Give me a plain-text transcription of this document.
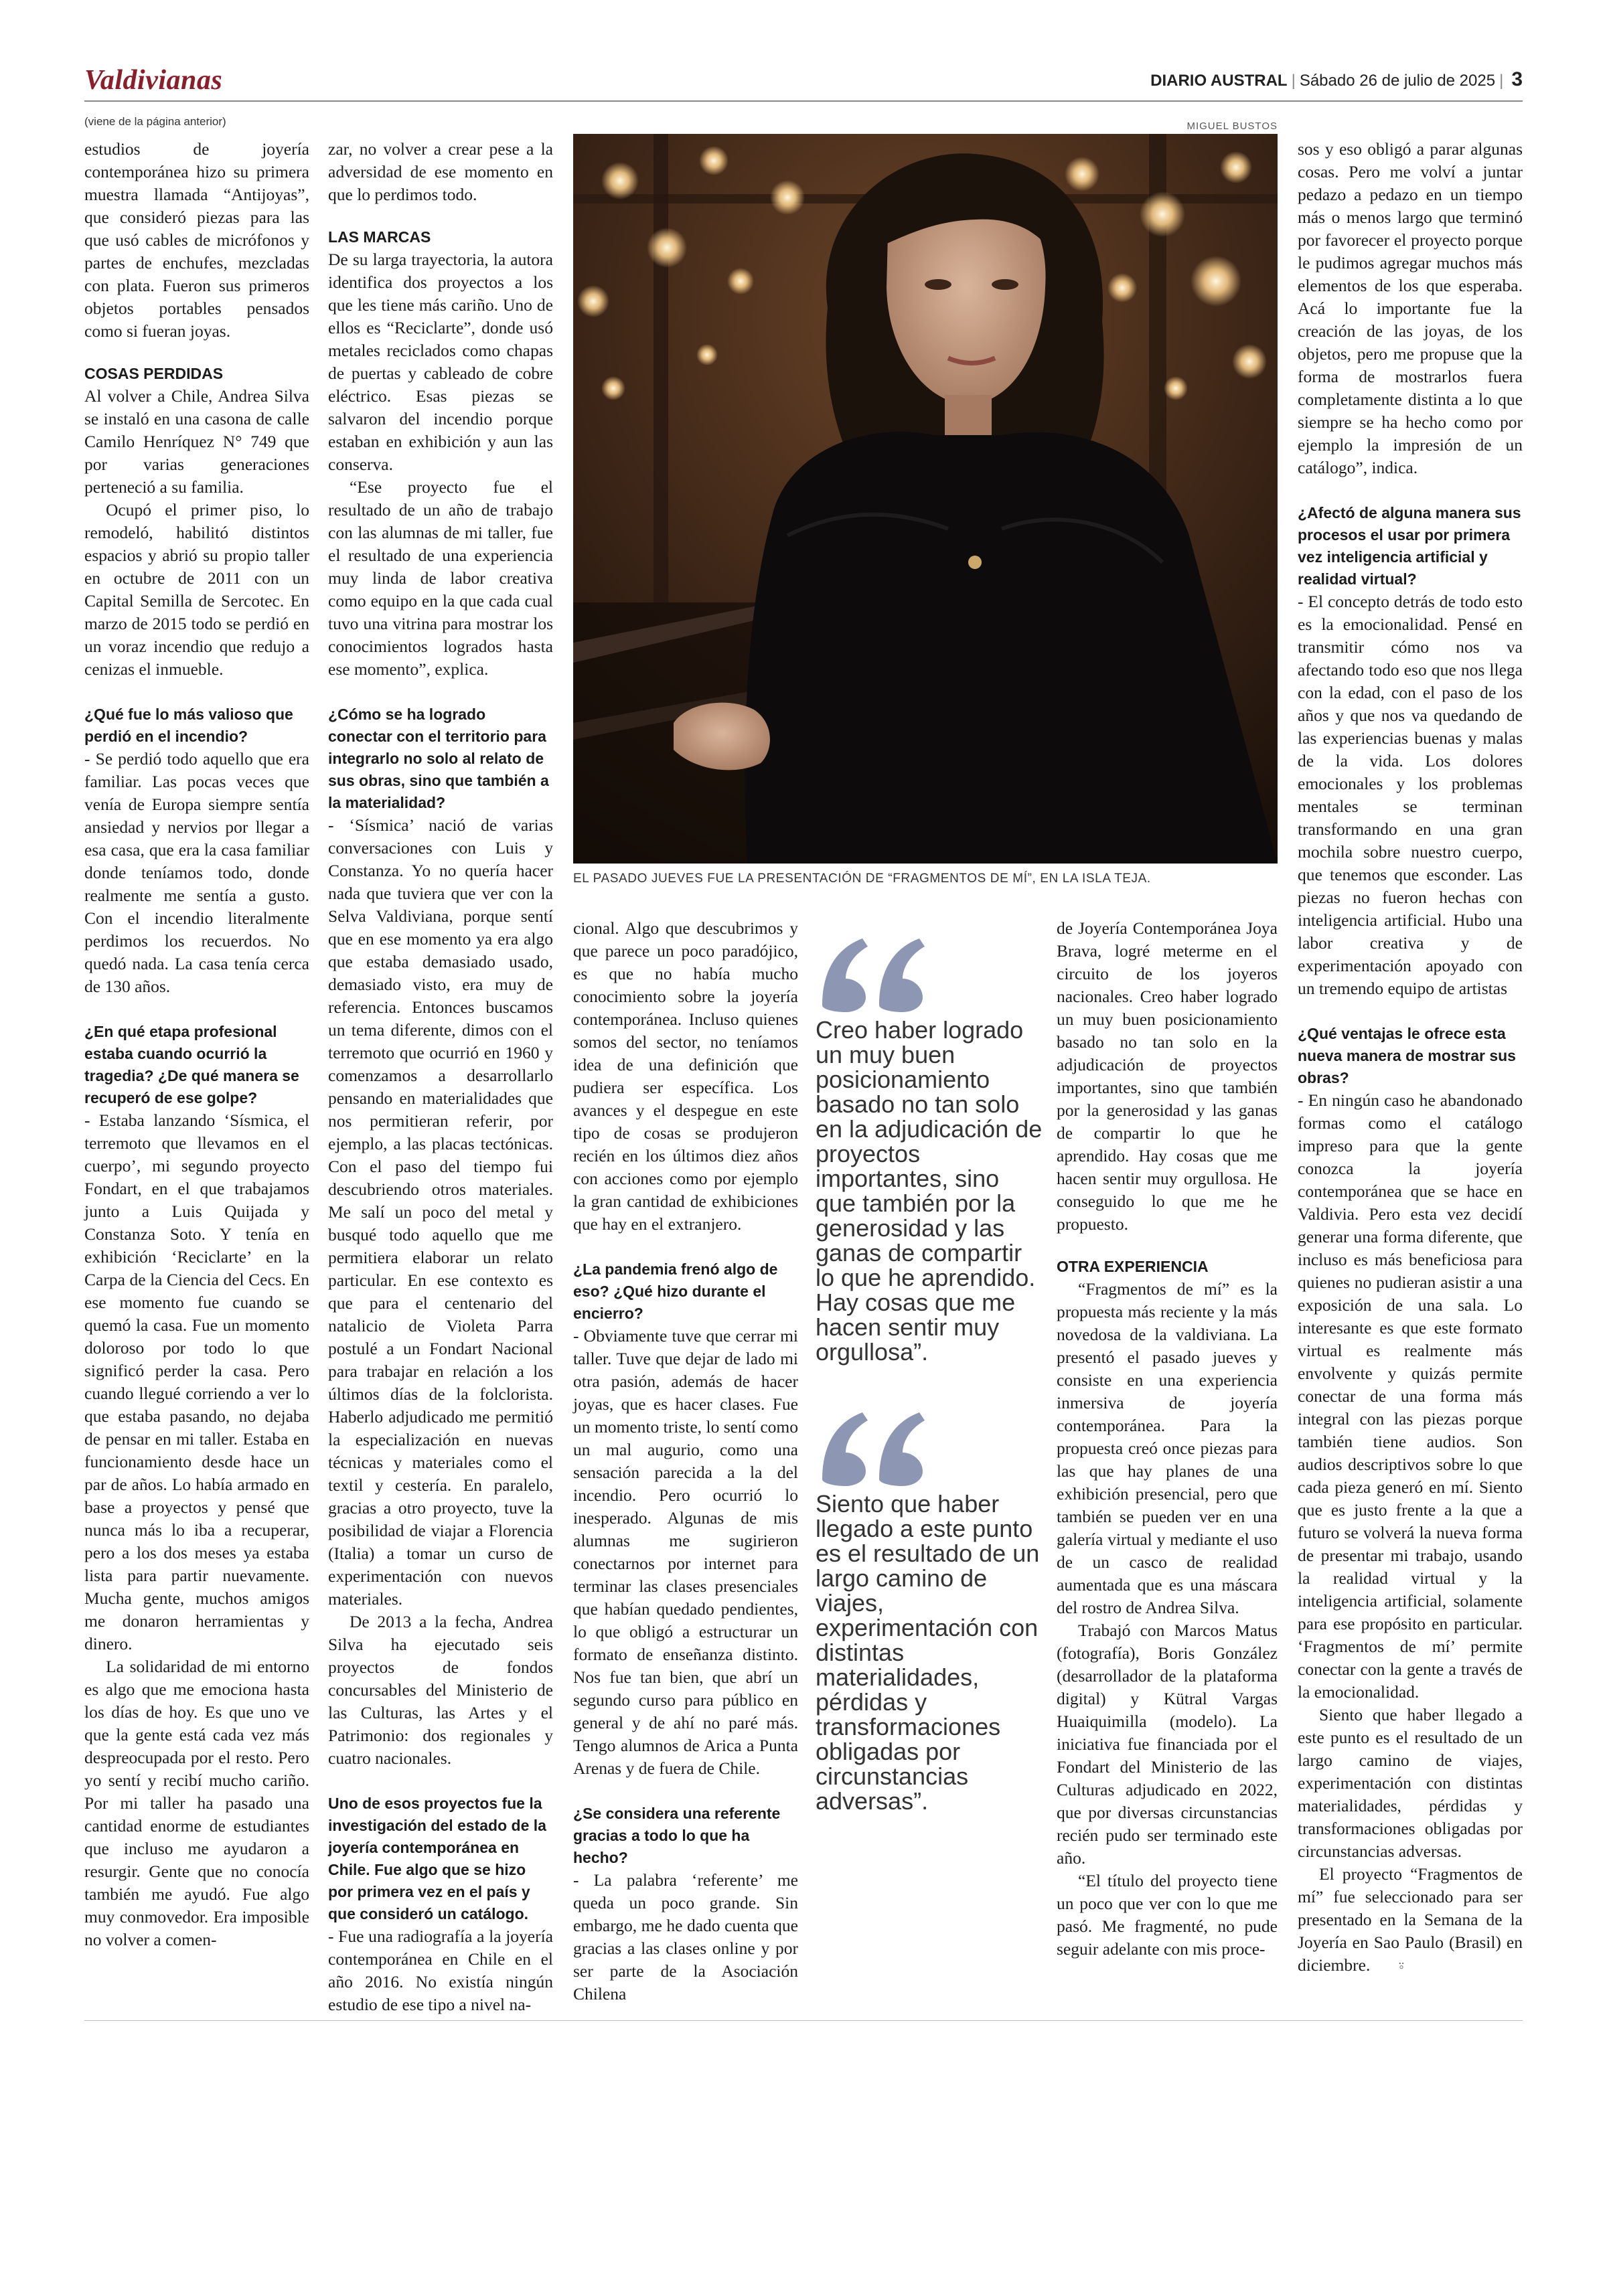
Valdivianas	DIARIO AUSTRAL | Sábado 26 de julio de 2025 | 3
(viene de la página anterior)	MIGUEL BUSTOS
EL PASADO JUEVES FUE LA PRESENTACIÓN DE “FRAGMENTOS DE MÍ”, EN LA ISLA TEJA.

estudios de joyería contemporánea hizo su primera muestra llamada “Antijoyas”, que consideró piezas para las que usó cables de micrófonos y partes de enchufes, mezcladas con plata. Fueron sus primeros objetos portables pensados como si fueran joyas.

COSAS PERDIDAS

Al volver a Chile, Andrea Silva se instaló en una casona de calle Camilo Henríquez N° 749 que por varias generaciones perteneció a su familia.

Ocupó el primer piso, lo remodeló, habilitó distintos espacios y abrió su propio taller en octubre de 2011 con un Capital Semilla de Sercotec. En marzo de 2015 todo se perdió en un voraz incendio que redujo a cenizas el inmueble.

¿Qué fue lo más valioso que perdió en el incendio?

- Se perdió todo aquello que era familiar. Las pocas veces que venía de Europa siempre sentía ansiedad y nervios por llegar a esa casa, que era la casa familiar donde teníamos todo, donde realmente me sentía a gusto. Con el incendio literalmente perdimos los recuerdos. No quedó nada. La casa tenía cerca de 130 años.

¿En qué etapa profesional estaba cuando ocurrió la tragedia? ¿De qué manera se recuperó de ese golpe?

- Estaba lanzando ‘Sísmica, el terremoto que llevamos en el cuerpo’, mi segundo proyecto Fondart, en el que trabajamos junto a Luis Quijada y Constanza Soto. Y tenía en exhibición ‘Reciclarte’ en la Carpa de la Ciencia del Cecs. En ese momento fue cuando se quemó la casa. Fue un momento doloroso por todo lo que significó perder la casa. Pero cuando llegué corriendo a ver lo que estaba pasando, no dejaba de pensar en mi taller. Estaba en funcionamiento desde hace un par de años. Lo había armado en base a proyectos y pensé que nunca más lo iba a recuperar, pero a los dos meses ya estaba lista para partir nuevamente. Mucha gente, muchos amigos me donaron herramientas y dinero.

La solidaridad de mi entorno es algo que me emociona hasta los días de hoy. Es que uno ve que la gente está cada vez más despreocupada por el resto. Pero yo sentí y recibí mucho cariño. Por mi taller ha pasado una cantidad enorme de estudiantes que incluso me ayudaron a resurgir. Gente que no conocía también me ayudó. Fue algo muy conmovedor. Era imposible no volver a comen-

zar, no volver a crear pese a la adversidad de ese momento en que lo perdimos todo.

LAS MARCAS

De su larga trayectoria, la autora identifica dos proyectos a los que les tiene más cariño. Uno de ellos es “Reciclarte”, donde usó metales reciclados como chapas de puertas y cableado de cobre eléctrico. Esas piezas se salvaron del incendio porque estaban en exhibición y aun las conserva.

“Ese proyecto fue el resultado de un año de trabajo con las alumnas de mi taller, fue el resultado de una experiencia muy linda de labor creativa como equipo en la que cada cual tuvo una vitrina para mostrar los conocimientos logrados hasta ese momento”, explica.

¿Cómo se ha logrado conectar con el territorio para integrarlo no solo al relato de sus obras, sino que también a la materialidad?

- ‘Sísmica’ nació de varias conversaciones con Luis y Constanza. Yo no quería hacer nada que tuviera que ver con la Selva Valdiviana, porque sentí que en ese momento ya era algo que estaba demasiado usado, demasiado visto, era muy de referencia. Entonces buscamos un tema diferente, dimos con el terremoto que ocurrió en 1960 y comenzamos a desarrollarlo pensando en materialidades que nos permitieran referir, por ejemplo, a las placas tectónicas. Con el paso del tiempo fui descubriendo otros materiales. Me salí un poco del metal y busqué todo aquello que me permitiera elaborar un relato particular. En ese contexto es que para el centenario del natalicio de Violeta Parra postulé a un Fondart Nacional para trabajar en relación a los últimos días de la folclorista. Haberlo adjudicado me permitió la especialización en nuevas técnicas y materiales como el textil y cestería. En paralelo, gracias a otro proyecto, tuve la posibilidad de viajar a Florencia (Italia) a tomar un curso de experimentación con nuevos materiales.

De 2013 a la fecha, Andrea Silva ha ejecutado seis proyectos de fondos concursables del Ministerio de las Culturas, las Artes y el Patrimonio: dos regionales y cuatro nacionales.

Uno de esos proyectos fue la investigación del estado de la joyería contemporánea en Chile. Fue algo que se hizo por primera vez en el país y que consideró un catálogo.

- Fue una radiografía a la joyería contemporánea en Chile en el año 2016. No existía ningún estudio de ese tipo a nivel na-

cional. Algo que descubrimos y que parece un poco paradójico, es que no había mucho conocimiento sobre la joyería contemporánea. Incluso quienes somos del sector, no teníamos idea de una definición que pudiera ser específica. Los avances y el despegue en este tipo de cosas se produjeron recién en los últimos diez años con acciones como por ejemplo la gran cantidad de exhibiciones que hay en el extranjero.

¿La pandemia frenó algo de eso? ¿Qué hizo durante el encierro?

- Obviamente tuve que cerrar mi taller. Tuve que dejar de lado mi otra pasión, además de hacer joyas, que es hacer clases. Fue un momento triste, lo sentí como un mal augurio, como una sensación parecida a la del incendio. Pero ocurrió lo inesperado. Algunas de mis alumnas me sugirieron conectarnos por internet para terminar las clases presenciales que habían quedado pendientes, lo que obligó a estructurar un formato de enseñanza distinto. Nos fue tan bien, que abrí un segundo curso para público en general y de ahí no paré más. Tengo alumnos de Arica a Punta Arenas y de fuera de Chile.

¿Se considera una referente gracias a todo lo que ha hecho?

- La palabra ‘referente’ me queda un poco grande. Sin embargo, me he dado cuenta que gracias a las clases online y por ser parte de la Asociación Chilena

Creo haber logrado un muy buen posicionamiento basado no tan solo en la adjudicación de proyectos importantes, sino que también por la generosidad y las ganas de compartir lo que he aprendido. Hay cosas que me hacen sentir muy orgullosa”.
Siento que haber llegado a este punto es el resultado de un largo camino de viajes, experimentación con distintas materialidades, pérdidas y transformaciones obligadas por circunstancias adversas”.

de Joyería Contemporánea Joya Brava, logré meterme en el circuito de los joyeros nacionales. Creo haber logrado un muy buen posicionamiento basado no tan solo en la adjudicación de proyectos importantes, sino que también por la generosidad y las ganas de compartir lo que he aprendido. Hay cosas que me hacen sentir muy orgullosa. He conseguido lo que me he propuesto.

OTRA EXPERIENCIA

“Fragmentos de mí” es la propuesta más reciente y la más novedosa de la valdiviana. La presentó el pasado jueves y consiste en una experiencia inmersiva de joyería contemporánea. Para la propuesta creó once piezas para las que hay planes de una exhibición presencial, pero que también se pueden ver en una galería virtual y mediante el uso de un casco de realidad aumentada que es una máscara del rostro de Andrea Silva.

Trabajó con Marcos Matus (fotografía), Boris González (desarrollador de la plataforma digital) y Kütral Vargas Huaiquimilla (modelo). La iniciativa fue financiada por el Fondart del Ministerio de las Culturas adjudicado en 2022, que por diversas circunstancias recién pudo ser terminado este año.

“El título del proyecto tiene un poco que ver con lo que me pasó. Me fragmenté, no pude seguir adelante con mis proce-

sos y eso obligó a parar algunas cosas. Pero me volví a juntar pedazo a pedazo en un tiempo más o menos largo que terminó por favorecer el proyecto porque le pudimos agregar muchos más elementos de los que esperaba. Acá lo importante fue la creación de las joyas, de los objetos, pero me propuse que la forma de mostrarlos fuera completamente distinta a lo que siempre se ha hecho como por ejemplo la impresión de un catálogo”, indica.

¿Afectó de alguna manera sus procesos el usar por primera vez inteligencia artificial y realidad virtual?

- El concepto detrás de todo esto es la emocionalidad. Pensé en transmitir cómo nos va afectando todo eso que nos llega con la edad, con el paso de los años y que nos va quedando de las experiencias buenas y malas de la vida. Los dolores emocionales y los problemas mentales se terminan transformando en una gran mochila sobre nuestro cuerpo, que tenemos que esconder. Las piezas no fueron hechas con inteligencia artificial. Hubo una labor creativa y de experimentación apoyado con un tremendo equipo de artistas

¿Qué ventajas le ofrece esta nueva manera de mostrar sus obras?

- En ningún caso he abandonado formas como el catálogo impreso para que la gente conozca la joyería contemporánea que se hace en Valdivia. Pero esta vez decidí generar una forma diferente, que incluso es más beneficiosa para quienes no pudieran asistir a una exposición de una sala. Lo interesante es que este formato virtual es realmente más envolvente y quizás permite conectar de una forma más integral con las piezas porque también tiene audios. Son audios descriptivos sobre lo que cada pieza generó en mí. Siento que es justo frente a la que a futuro se volverá la nueva forma de presentar mi trabajo, usando la realidad virtual y la inteligencia artificial, solamente para ese propósito en particular. ‘Fragmentos de mí’ permite conectar con la gente a través de la emocionalidad.

Siento que haber llegado a este punto es el resultado de un largo camino de viajes, experimentación con distintas materialidades, pérdidas y transformaciones obligadas por circunstancias adversas.

El proyecto “Fragmentos de mí” fue seleccionado para ser presentado en la Semana de la Joyería en Sao Paulo (Brasil) en diciembre. ⍤
